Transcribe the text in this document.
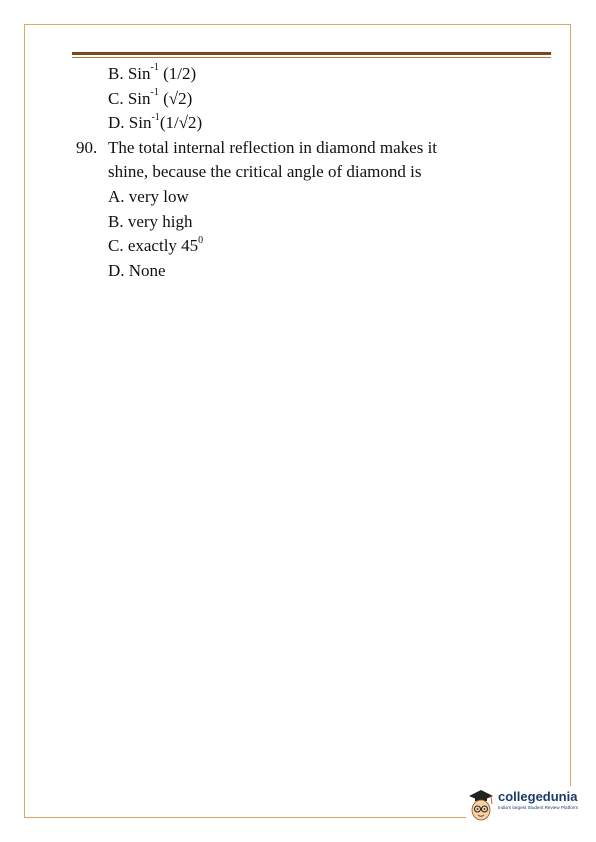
B. Sin$^{-1}$ (1/2)
C. Sin$^{-1}$ (√2)
D. Sin$^{-1}$(1/√2)
90. The total internal reflection in diamond makes it
shine, because the critical angle of diamond is
A. very low
B. very high
C. exactly $45^0$
D. None
collegedunia
India's largest Student Review Platform
